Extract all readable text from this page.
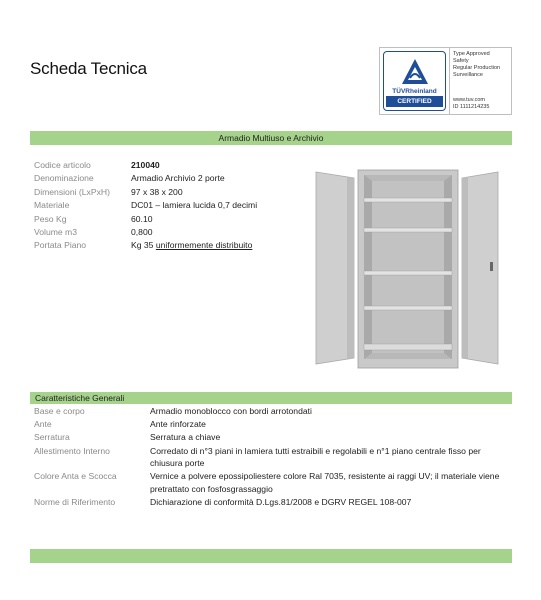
Scheda Tecnica
TÜVRheinland
CERTIFIED
Type Approved
Safety
Regular Production
Surveillance
www.tuv.com
ID 1111214235
Armadio Multiuso e Archivio
Codice articolo	210040
Denominazione	Armadio Archivio 2 porte
Dimensioni (LxPxH)	97 x 38 x 200
Materiale	DC01 – lamiera lucida 0,7 decimi
Peso Kg	60.10
Volume m3	0,800
Portata Piano	Kg 35 uniformemente distribuito
Caratteristiche Generali
Base e corpo	Armadio monoblocco con bordi arrotondati
Ante	Ante rinforzate
Serratura	Serratura a chiave
Allestimento Interno	Corredato di n°3 piani in lamiera tutti estraibili e regolabili e n°1 piano centrale fisso per chiusura porte
Colore Anta e Scocca	Vernice a polvere epossipoliestere colore Ral 7035, resistente ai raggi UV; il materiale viene pretrattato con fosfosgrassaggio
Norme di Riferimento	Dichiarazione di conformità D.Lgs.81/2008 e DGRV REGEL 108-007
